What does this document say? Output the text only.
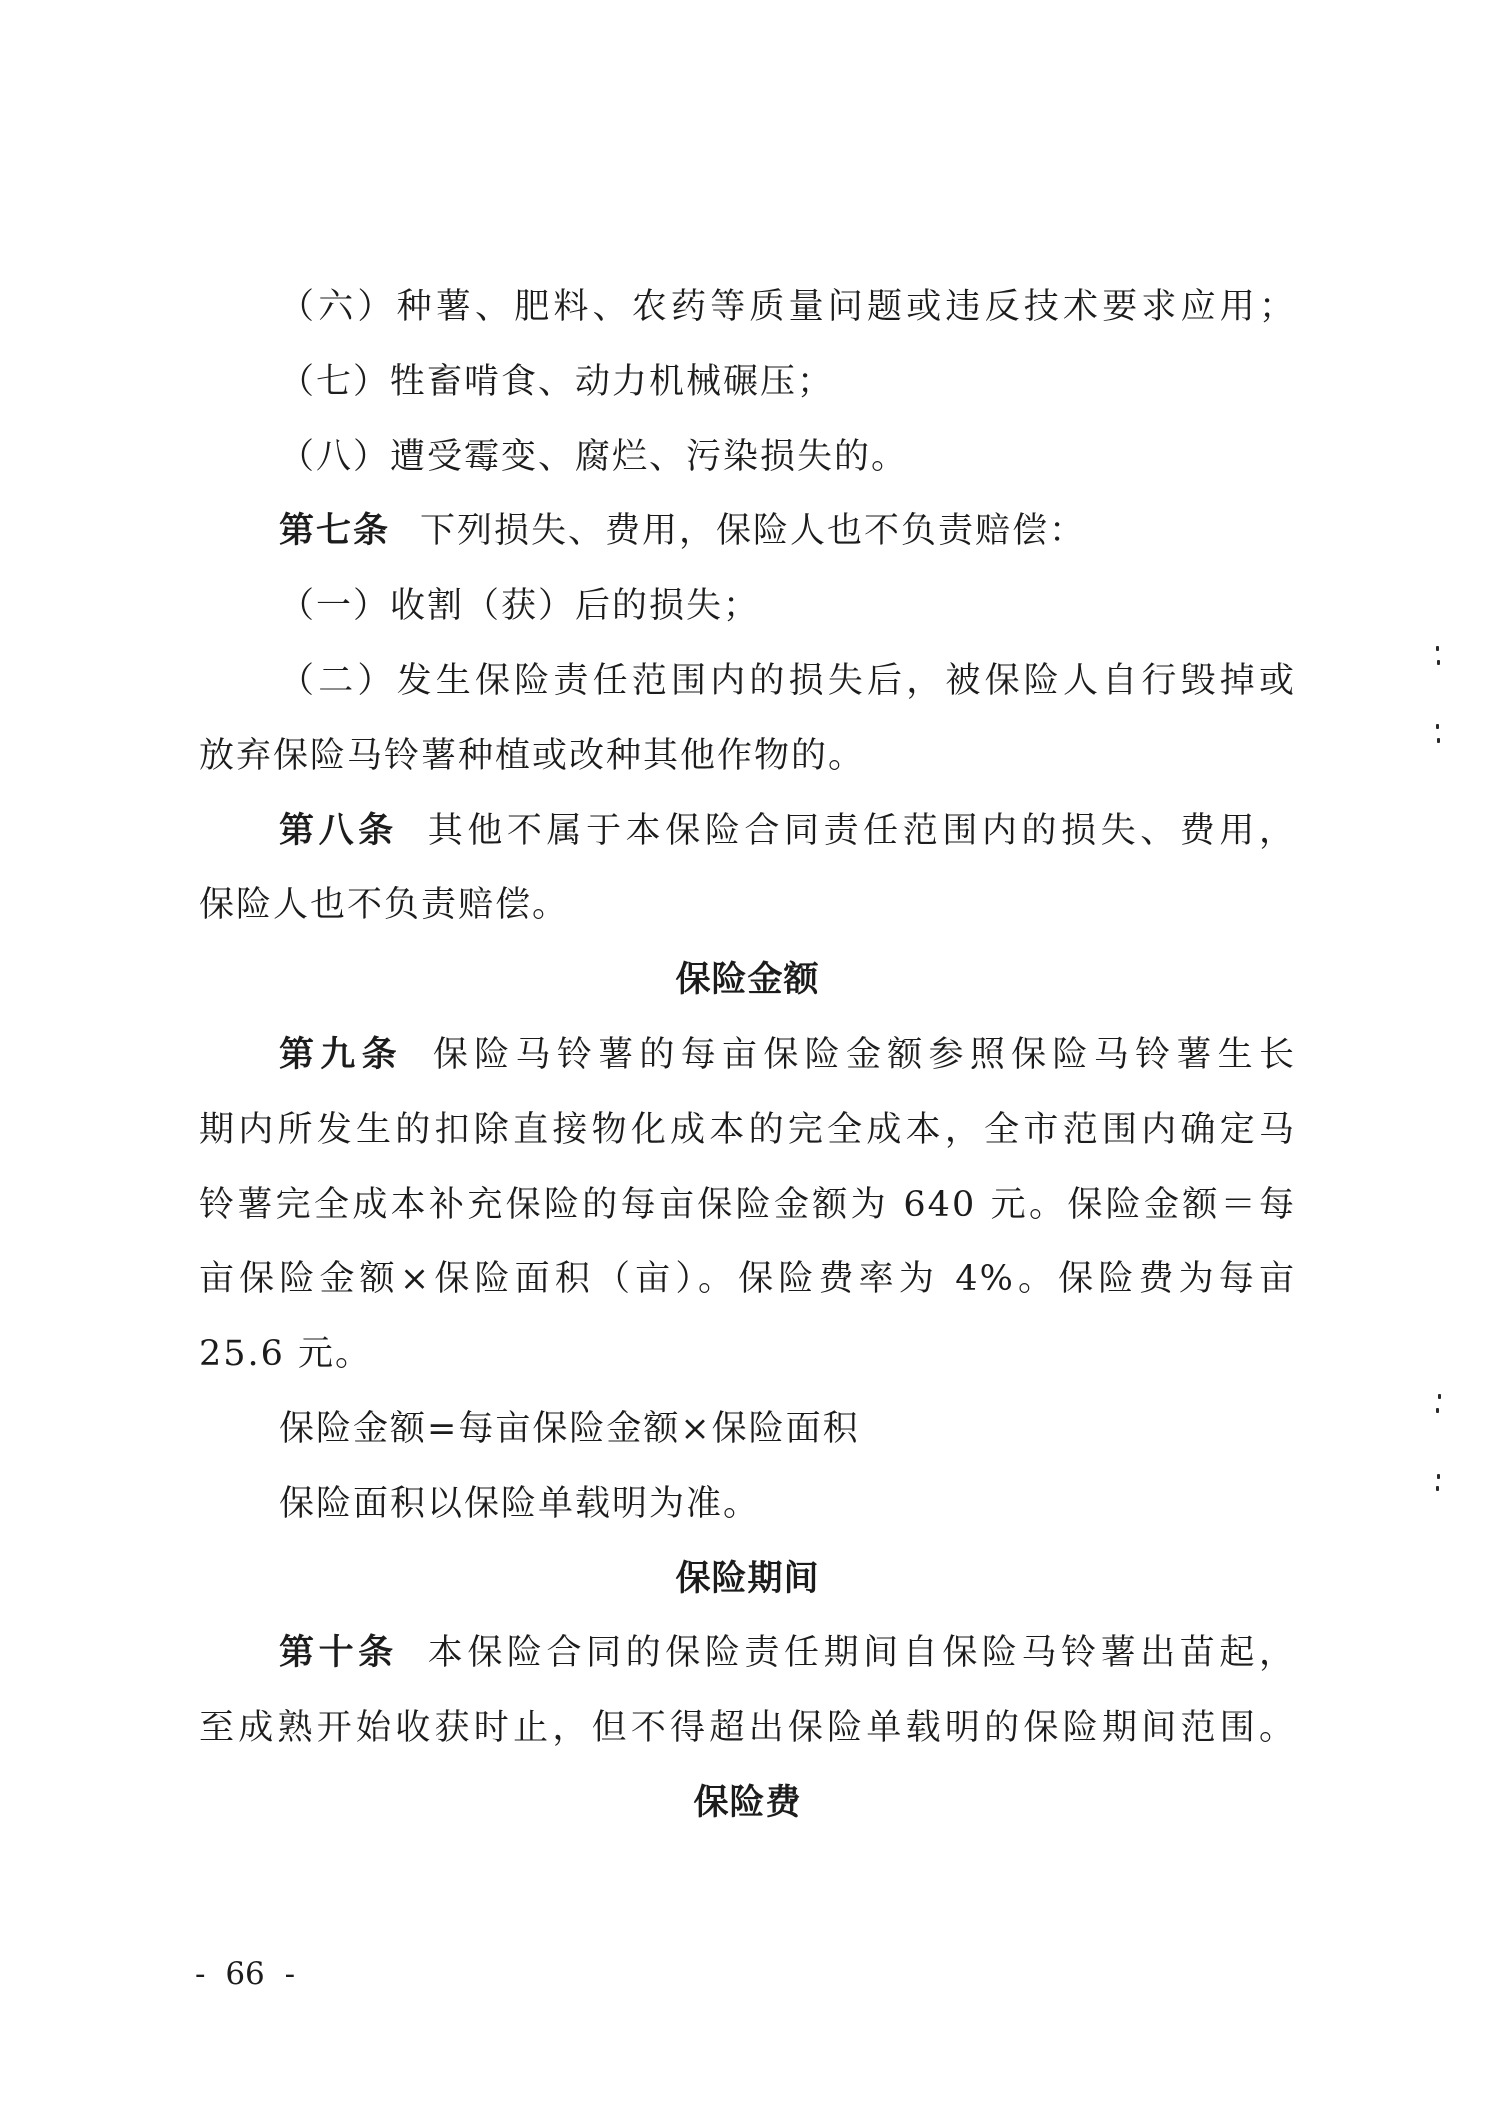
（六）种薯、肥料、农药等质量问题或违反技术要求应用；
（七）牲畜啃食、动力机械碾压；
（八）遭受霉变、腐烂、污染损失的。
第七条 下列损失、费用，保险人也不负责赔偿：
（一）收割（获）后的损失；
（二）发生保险责任范围内的损失后，被保险人自行毁掉或
放弃保险马铃薯种植或改种其他作物的。
第八条 其他不属于本保险合同责任范围内的损失、费用，
保险人也不负责赔偿。
保险金额
第九条 保险马铃薯的每亩保险金额参照保险马铃薯生长
期内所发生的扣除直接物化成本的完全成本，全市范围内确定马
铃薯完全成本补充保险的每亩保险金额为 640 元。保险金额＝每
亩保险金额×保险面积（亩）。保险费率为 4%。保险费为每亩
25.6 元。
保险金额=每亩保险金额×保险面积
保险面积以保险单载明为准。
保险期间
第十条 本保险合同的保险责任期间自保险马铃薯出苗起，
至成熟开始收获时止，但不得超出保险单载明的保险期间范围。
保险费
- 66 -
